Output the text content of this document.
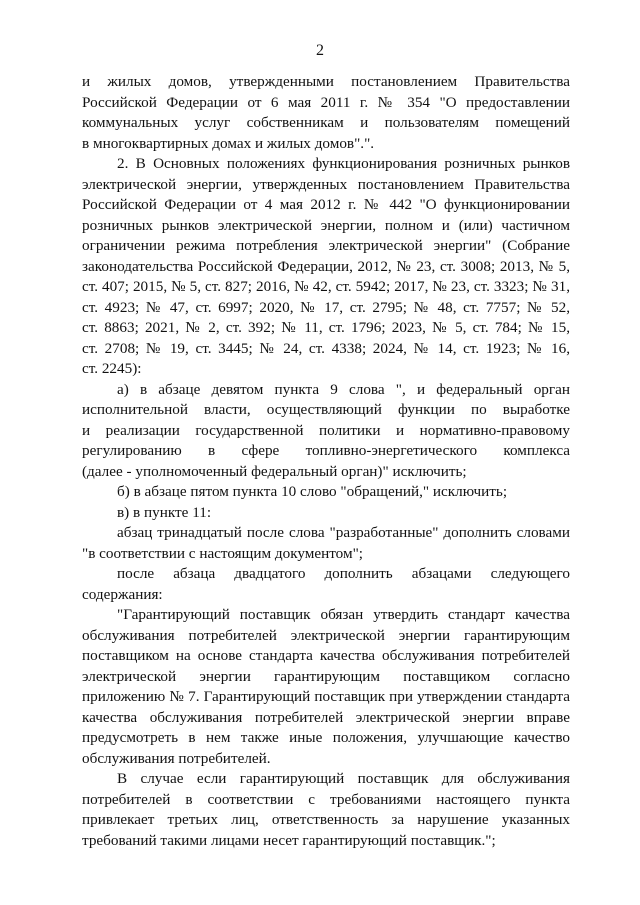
2
и жилых домов, утвержденными постановлением Правительства
Российской Федерации от 6 мая 2011 г. № 354 "О предоставлении
коммунальных услуг собственникам и пользователям помещений
в многоквартирных домах и жилых домов".".
2. В Основных положениях функционирования розничных рынков
электрической энергии, утвержденных постановлением Правительства
Российской Федерации от 4 мая 2012 г. № 442 "О функционировании
розничных рынков электрической энергии, полном и (или) частичном
ограничении режима потребления электрической энергии" (Собрание
законодательства Российской Федерации, 2012, № 23, ст. 3008; 2013, № 5,
ст. 407; 2015, № 5, ст. 827; 2016, № 42, ст. 5942; 2017, № 23, ст. 3323; № 31,
ст. 4923; № 47, ст. 6997; 2020, № 17, ст. 2795; № 48, ст. 7757; № 52,
ст. 8863; 2021, № 2, ст. 392; № 11, ст. 1796; 2023, № 5, ст. 784; № 15,
ст. 2708; № 19, ст. 3445; № 24, ст. 4338; 2024, № 14, ст. 1923; № 16,
ст. 2245):
а) в абзаце девятом пункта 9 слова ", и федеральный орган
исполнительной власти, осуществляющий функции по выработке
и реализации государственной политики и нормативно-правовому
регулированию в сфере топливно-энергетического комплекса
(далее - уполномоченный федеральный орган)" исключить;
б) в абзаце пятом пункта 10 слово "обращений," исключить;
в) в пункте 11:
абзац тринадцатый после слова "разработанные" дополнить словами
"в соответствии с настоящим документом";
после абзаца двадцатого дополнить абзацами следующего
содержания:
"Гарантирующий поставщик обязан утвердить стандарт качества
обслуживания потребителей электрической энергии гарантирующим
поставщиком на основе стандарта качества обслуживания потребителей
электрической энергии гарантирующим поставщиком согласно
приложению № 7. Гарантирующий поставщик при утверждении стандарта
качества обслуживания потребителей электрической энергии вправе
предусмотреть в нем также иные положения, улучшающие качество
обслуживания потребителей.
В случае если гарантирующий поставщик для обслуживания
потребителей в соответствии с требованиями настоящего пункта
привлекает третьих лиц, ответственность за нарушение указанных
требований такими лицами несет гарантирующий поставщик.";
